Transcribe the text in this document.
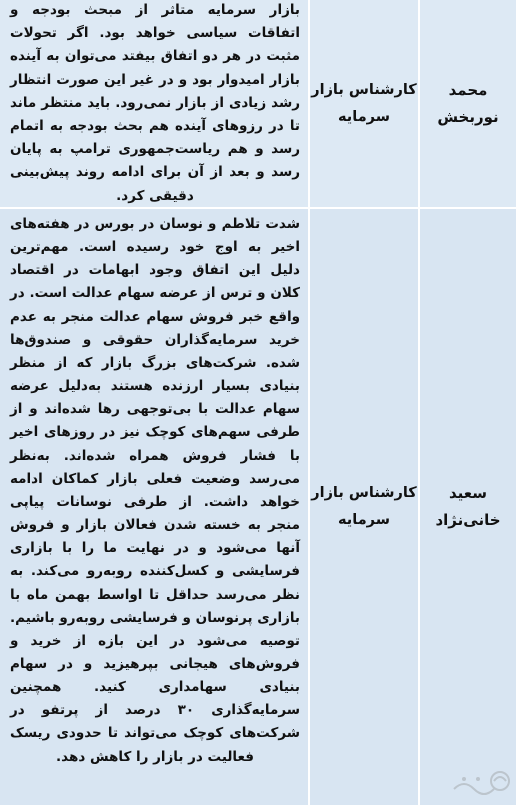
محمد
نوربخش
کارشناس بازار
سرمایه
بازار سرمایه متاثر از مبحث بودجه و اتفاقات سیاسی خواهد بود. اگر تحولات مثبت در هر دو اتفاق بیفتد می‌توان به آینده بازار امیدوار بود و در غیر این صورت انتظار رشد زیادی از بازار نمی‌رود. باید منتظر ماند تا در رزوهای آینده هم بحث بودجه به اتمام رسد و هم ریاست‌جمهوری ترامپ به پایان رسد و بعد از آن برای ادامه روند پیش‌بینی دقیقی کرد.
سعید
خانی‌نژاد
کارشناس بازار
سرمایه
شدت تلاطم و نوسان در بورس در هفته‌های اخیر به اوج خود رسیده است. مهم‌ترین دلیل این اتفاق وجود ابهامات در اقتصاد کلان و ترس از عرضه سهام عدالت است. در واقع خبر فروش سهام عدالت منجر به عدم خرید سرمایه‌گذاران حقوقی و صندوق‌ها شده. شرکت‌های بزرگ بازار که از منظر بنیادی بسیار ارزنده هستند به‌دلیل عرضه سهام عدالت با بی‌توجهی رها شده‌اند و از طرفی سهم‌های کوچک نیز در روزهای اخیر با فشار فروش همراه شده‌اند. به‌نظر می‌رسد وضعیت فعلی بازار کماکان ادامه خواهد داشت. از طرفی نوسانات پیاپی منجر به خسته شدن فعالان بازار و فروش آنها می‌شود و در نهایت ما را با بازاری فرسایشی و کسل‌کننده روبه‌رو می‌کند. به نظر می‌رسد حداقل تا اواسط بهمن ماه با بازاری پرنوسان و فرسایشی روبه‌رو باشیم. توصیه می‌شود در این بازه از خرید و فروش‌های هیجانی بپرهیزید و در سهام بنیادی سهامداری کنید. همچنین سرمایه‌گذاری ۳۰ درصد از پرتفو در شرکت‌های کوچک می‌تواند تا حدودی ریسک فعالیت در بازار را کاهش دهد.
